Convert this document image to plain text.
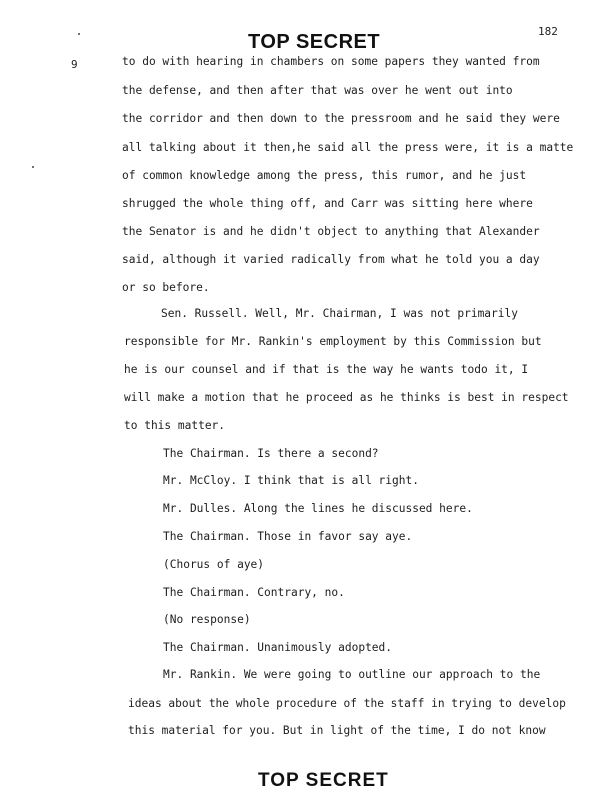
TOP SECRET	182
9	to do with hearing in chambers on some papers they wanted from
the defense, and then after that was over he went out into
the corridor and then down to the pressroom and he said they were
all talking about it then,he said all the press were, it is a matte
of common knowledge among the press, this rumor, and he just
shrugged the whole thing off, and Carr was sitting here where
the Senator is and he didn't object to anything that Alexander
said, although it varied radically from what he told you a day
or so before.
Sen. Russell. Well, Mr. Chairman, I was not primarily
responsible for Mr. Rankin's employment by this Commission but
he is our counsel and if that is the way he wants todo it, I
will make a motion that he proceed as he thinks is best in respect
to this matter.
The Chairman. Is there a second?
Mr. McCloy. I think that is all right.
Mr. Dulles. Along the lines he discussed here.
The Chairman. Those in favor say aye.
(Chorus of aye)
The Chairman. Contrary, no.
(No response)
The Chairman. Unanimously adopted.
Mr. Rankin. We were going to outline our approach to the
ideas about the whole procedure of the staff in trying to develop
this material for you. But in light of the time, I do not know
TOP SECRET
